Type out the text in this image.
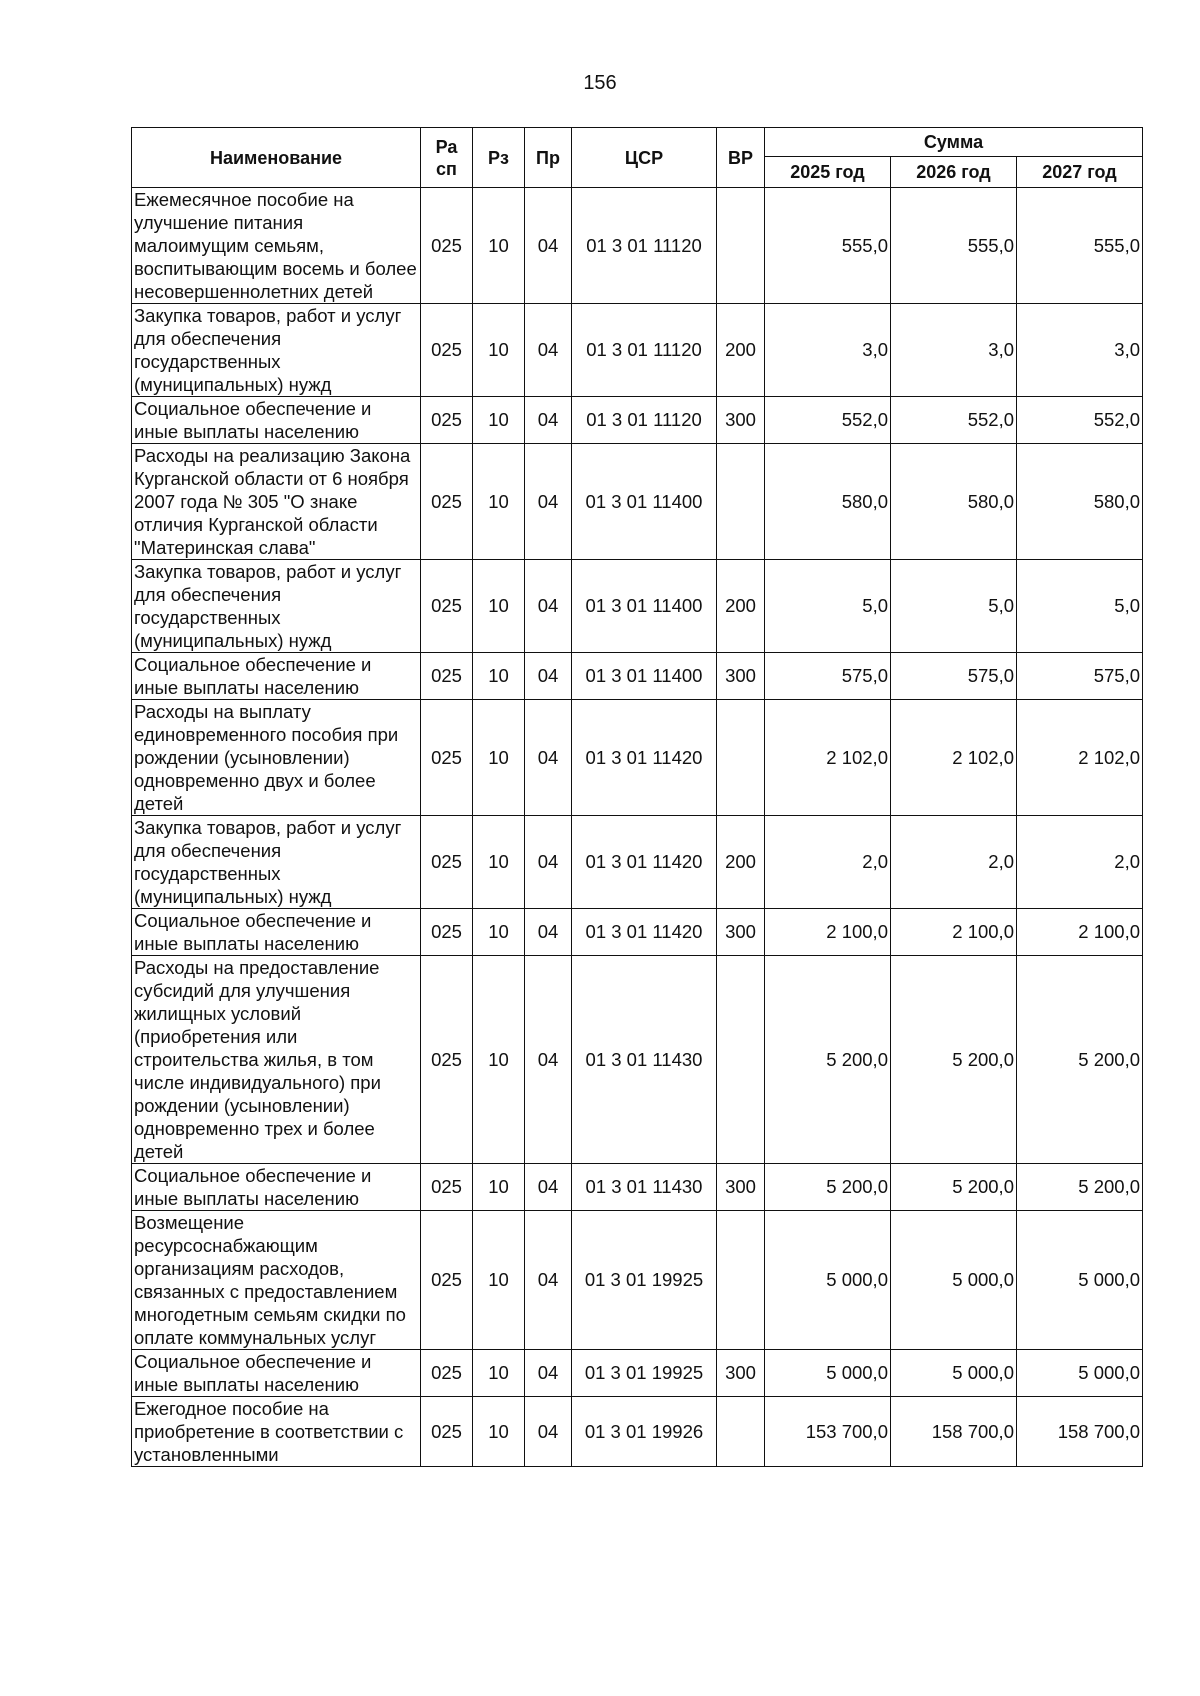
156
Наименование	Ра сп	Рз	Пр	ЦСР	ВР	Сумма		
						2025 год	2026 год	2027 год
Ежемесячное пособие на улучшение питания малоимущим семьям, воспитывающим восемь и более несовершеннолетних детей	025	10	04	01 3 01 11120		555,0	555,0	555,0
Закупка товаров, работ и услуг для обеспечения государственных (муниципальных) нужд	025	10	04	01 3 01 11120	200	3,0	3,0	3,0
Социальное обеспечение и иные выплаты населению	025	10	04	01 3 01 11120	300	552,0	552,0	552,0
Расходы на реализацию Закона Курганской области от 6 ноября 2007 года № 305 "О знаке отличия Курганской области "Материнская слава"	025	10	04	01 3 01 11400		580,0	580,0	580,0
Закупка товаров, работ и услуг для обеспечения государственных (муниципальных) нужд	025	10	04	01 3 01 11400	200	5,0	5,0	5,0
Социальное обеспечение и иные выплаты населению	025	10	04	01 3 01 11400	300	575,0	575,0	575,0
Расходы на выплату единовременного пособия при рождении (усыновлении) одновременно двух и более детей	025	10	04	01 3 01 11420		2 102,0	2 102,0	2 102,0
Закупка товаров, работ и услуг для обеспечения государственных (муниципальных) нужд	025	10	04	01 3 01 11420	200	2,0	2,0	2,0
Социальное обеспечение и иные выплаты населению	025	10	04	01 3 01 11420	300	2 100,0	2 100,0	2 100,0
Расходы на предоставление субсидий для улучшения жилищных условий (приобретения или строительства жилья, в том числе индивидуального) при рождении (усыновлении) одновременно трех и более детей	025	10	04	01 3 01 11430		5 200,0	5 200,0	5 200,0
Социальное обеспечение и иные выплаты населению	025	10	04	01 3 01 11430	300	5 200,0	5 200,0	5 200,0
Возмещение ресурсоснабжающим организациям расходов, связанных с предоставлением многодетным семьям скидки по оплате коммунальных услуг	025	10	04	01 3 01 19925		5 000,0	5 000,0	5 000,0
Социальное обеспечение и иные выплаты населению	025	10	04	01 3 01 19925	300	5 000,0	5 000,0	5 000,0
Ежегодное пособие на приобретение в соответствии с установленными	025	10	04	01 3 01 19926		153 700,0	158 700,0	158 700,0
